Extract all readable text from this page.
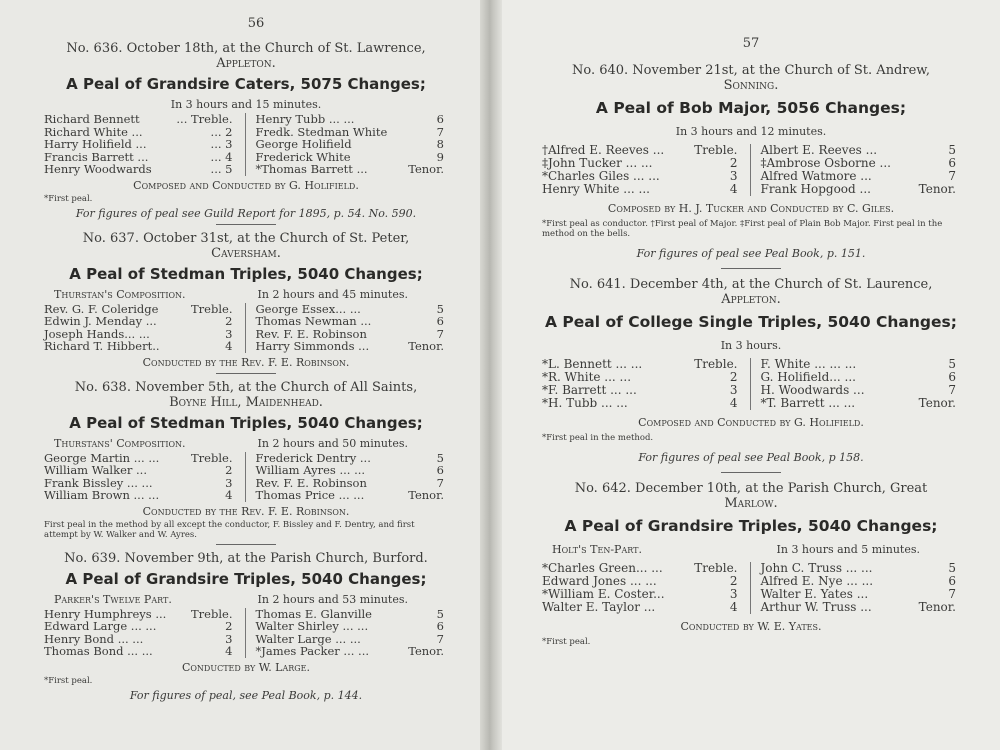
56

No. 636. October 18th, at the Church of St. Lawrence,

Appleton.

A Peal of Grandsire Caters, 5075 Changes;
In 3 hours and 15 minutes.
Richard Bennett	... Treble.
Richard White ...	... 2
Harry Holifield ...	... 3
Francis Barrett ...	... 4
Henry Woodwards	... 5
Henry Tubb ... ...	6
Fredk. Stedman White	7
George Holifield	8
Frederick White	9
*Thomas Barrett ...	Tenor.
Composed and Conducted by G. Holifield.
*First peal.
For figures of peal see Guild Report for 1895, p. 54. No. 590.

No. 637. October 31st, at the Church of St. Peter,

Caversham.

A Peal of Stedman Triples, 5040 Changes;
Thurstan's Composition.	In 2 hours and 45 minutes.
Rev. G. F. Coleridge	Treble.
Edwin J. Menday ...	2
Joseph Hands... ...	3
Richard T. Hibbert..	4
George Essex... ...	5
Thomas Newman ...	6
Rev. F. E. Robinson	7
Harry Simmonds ...	Tenor.
Conducted by the Rev. F. E. Robinson.

No. 638. November 5th, at the Church of All Saints,

Boyne Hill, Maidenhead.

A Peal of Stedman Triples, 5040 Changes;
Thurstans' Composition.	In 2 hours and 50 minutes.
George Martin ... ...	Treble.
William Walker ...	2
Frank Bissley ... ...	3
William Brown ... ...	4
Frederick Dentry ...	5
William Ayres ... ...	6
Rev. F. E. Robinson	7
Thomas Price ... ...	Tenor.
Conducted by the Rev. F. E. Robinson.
First peal in the method by all except the conductor, F. Bissley and F. Dentry, and first attempt by W. Walker and W. Ayres.

No. 639. November 9th, at the Parish Church, Burford.

A Peal of Grandsire Triples, 5040 Changes;
Parker's Twelve Part.	In 2 hours and 53 minutes.
Henry Humphreys ... Treble.
Edward Large ... ...	2
Henry Bond ... ...	3
Thomas Bond ... ...	4
Thomas E. Glanville	5
Walter Shirley ... ...	6
Walter Large ... ...	7
*James Packer ... ...	Tenor.
Conducted by W. Large.
*First peal.
For figures of peal, see Peal Book, p. 144.

57

No. 640. November 21st, at the Church of St. Andrew,

Sonning.

A Peal of Bob Major, 5056 Changes;
In 3 hours and 12 minutes.
†Alfred E. Reeves ...	Treble.
‡John Tucker ... ...	2
*Charles Giles ... ...	3
Henry White ... ...	4
Albert E. Reeves ...	5
‡Ambrose Osborne ...	6
Alfred Watmore ...	7
Frank Hopgood ...	Tenor.
Composed by H. J. Tucker and Conducted by C. Giles.
*First peal as conductor. †First peal of Major. ‡First peal of Plain Bob Major. First peal in the method on the bells.
For figures of peal see Peal Book, p. 151.

No. 641. December 4th, at the Church of St. Laurence,

Appleton.

A Peal of College Single Triples, 5040 Changes;
In 3 hours.
*L. Bennett ... ...	Treble.
*R. White ... ...	2
*F. Barrett ... ...	3
*H. Tubb ... ...	4
F. White ... ... ...	5
G. Holifield... ...	6
H. Woodwards ...	7
*T. Barrett ... ...	Tenor.
Composed and Conducted by G. Holifield.
*First peal in the method.
For figures of peal see Peal Book, p 158.

No. 642. December 10th, at the Parish Church, Great

Marlow.

A Peal of Grandsire Triples, 5040 Changes;
Holt's Ten-Part.	In 3 hours and 5 minutes.
*Charles Green... ...	Treble.
Edward Jones ... ...	2
*William E. Coster...	3
Walter E. Taylor ...	4
John C. Truss ... ...	5
Alfred E. Nye ... ...	6
Walter E. Yates ...	7
Arthur W. Truss ...	Tenor.
Conducted by W. E. Yates.
*First peal.
